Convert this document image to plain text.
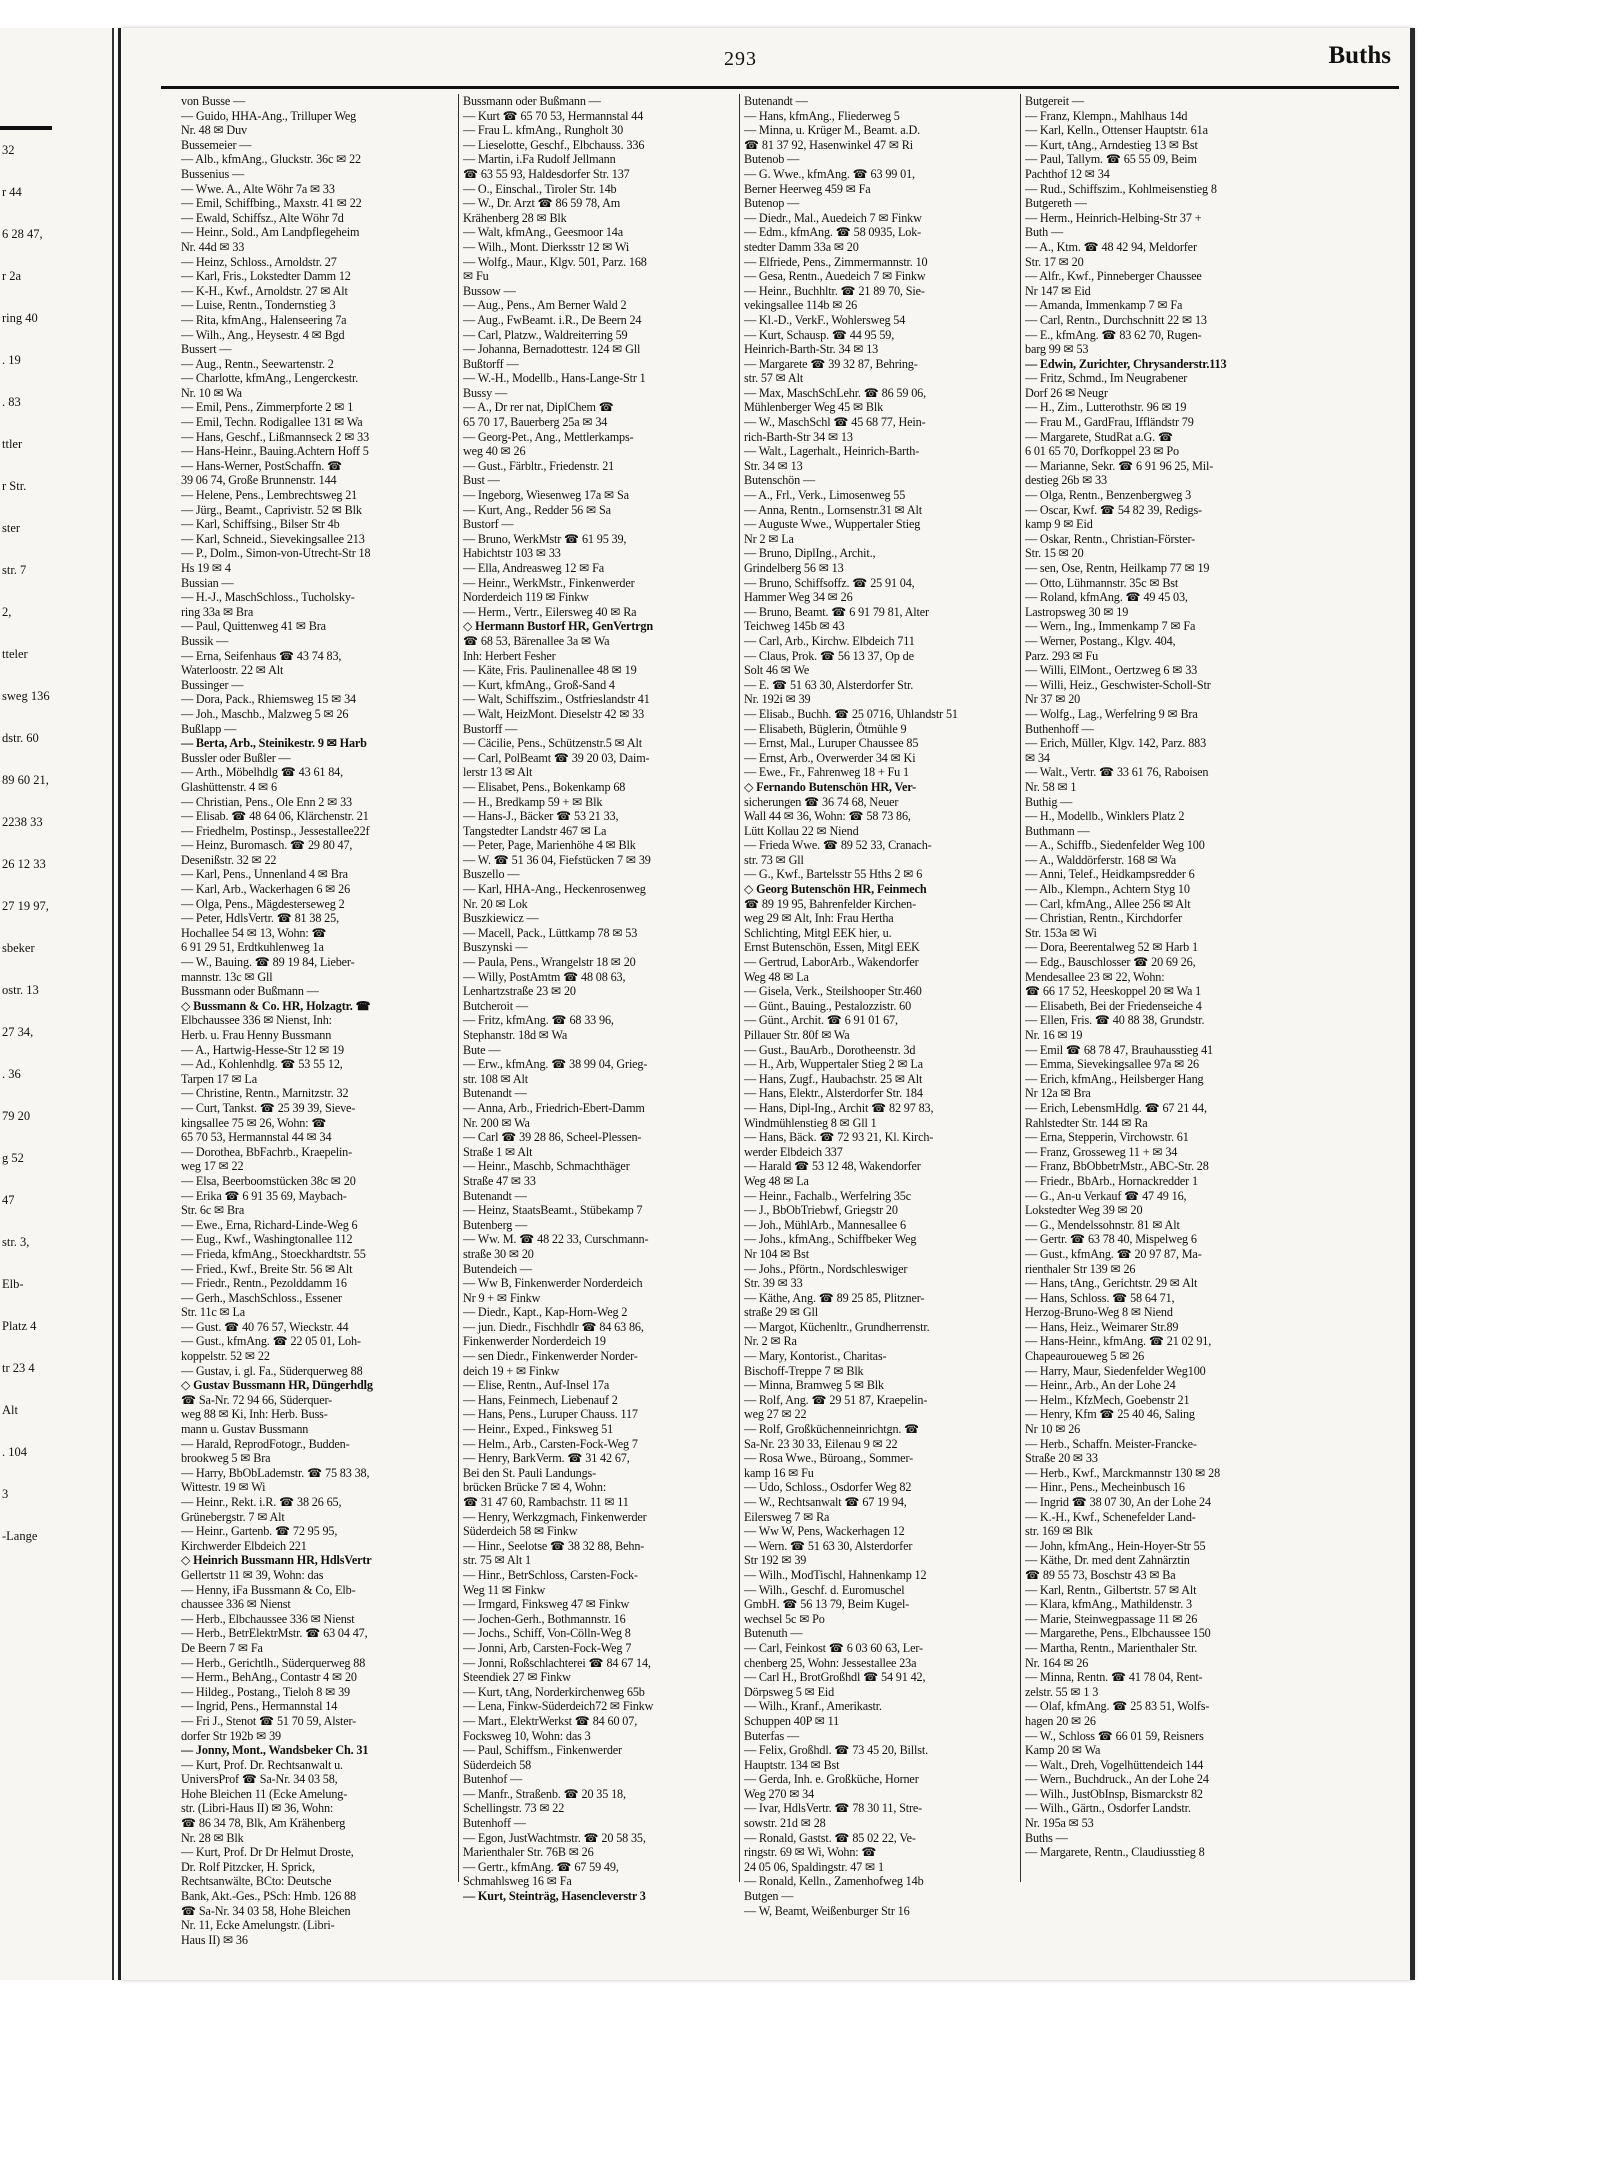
32
r 44
6 28 47,
r 2a
ring 40
. 19
. 83
ttler
r Str.
ster
str. 7
2,
tteler
sweg 136
dstr. 60
89 60 21,
2238 33
26 12 33
27 19 97,
sbeker
ostr. 13
27 34,
. 36
79 20
g 52
47
str. 3,
Elb-
Platz 4
tr 23 4
Alt
. 104
3
-Lange
293	Buths
von Busse —
— Guido, HHA-Ang., Trilluper Weg
Nr. 48 ✉ Duv
Bussemeier —
— Alb., kfmAng., Gluckstr. 36c ✉ 22
Bussenius —
— Wwe. A., Alte Wöhr 7a ✉ 33
— Emil, Schiffbing., Maxstr. 41 ✉ 22
— Ewald, Schiffsz., Alte Wöhr 7d
— Heinr., Sold., Am Landpflegeheim
Nr. 44d ✉ 33
— Heinz, Schloss., Arnoldstr. 27
— Karl, Fris., Lokstedter Damm 12
— K-H., Kwf., Arnoldstr. 27 ✉ Alt
— Luise, Rentn., Tondernstieg 3
— Rita, kfmAng., Halenseering 7a
— Wilh., Ang., Heysestr. 4 ✉ Bgd
Bussert —
— Aug., Rentn., Seewartenstr. 2
— Charlotte, kfmAng., Lengerckestr.
Nr. 10 ✉ Wa
— Emil, Pens., Zimmerpforte 2 ✉ 1
— Emil, Techn. Rodigallee 131 ✉ Wa
— Hans, Geschf., Lißmannseck 2 ✉ 33
— Hans-Heinr., Bauing.Achtern Hoff 5
— Hans-Werner, PostSchaffn. ☎
39 06 74, Große Brunnenstr. 144
— Helene, Pens., Lembrechtsweg 21
— Jürg., Beamt., Caprivistr. 52 ✉ Blk
— Karl, Schiffsing., Bilser Str 4b
— Karl, Schneid., Sievekingsallee 213
— P., Dolm., Simon-von-Utrecht-Str 18
Hs 19 ✉ 4
Bussian —
— H.-J., MaschSchloss., Tucholsky-
ring 33a ✉ Bra
— Paul, Quittenweg 41 ✉ Bra
Bussik —
— Erna, Seifenhaus ☎ 43 74 83,
Waterloostr. 22 ✉ Alt
Bussinger —
— Dora, Pack., Rhiemsweg 15 ✉ 34
— Joh., Maschb., Malzweg 5 ✉ 26
Bußlapp —
— Berta, Arb., Steinikestr. 9 ✉ Harb
Bussler oder Bußler —
— Arth., Möbelhdlg ☎ 43 61 84,
Glashüttenstr. 4 ✉ 6
— Christian, Pens., Ole Enn 2 ✉ 33
— Elisab. ☎ 48 64 06, Klärchenstr. 21
— Friedhelm, Postinsp., Jessestallee22f
— Heinz, Buromasch. ☎ 29 80 47,
Desenißstr. 32 ✉ 22
— Karl, Pens., Unnenland 4 ✉ Bra
— Karl, Arb., Wackerhagen 6 ✉ 26
— Olga, Pens., Mägdesterseweg 2
— Peter, HdlsVertr. ☎ 81 38 25,
Hochallee 54 ✉ 13, Wohn: ☎
6 91 29 51, Erdtkuhlenweg 1a
— W., Bauing. ☎ 89 19 84, Lieber-
mannstr. 13c ✉ Gll
Bussmann oder Bußmann —
◇ Bussmann & Co. HR, Holzagtr. ☎
Elbchaussee 336 ✉ Nienst, Inh:
Herb. u. Frau Henny Bussmann
— A., Hartwig-Hesse-Str 12 ✉ 19
— Ad., Kohlenhdlg. ☎ 53 55 12,
Tarpen 17 ✉ La
— Christine, Rentn., Marnitzstr. 32
— Curt, Tankst. ☎ 25 39 39, Sieve-
kingsallee 75 ✉ 26, Wohn: ☎
65 70 53, Hermannstal 44 ✉ 34
— Dorothea, BbFachrb., Kraepelin-
weg 17 ✉ 22
— Elsa, Beerboomstücken 38c ✉ 20
— Erika ☎ 6 91 35 69, Maybach-
Str. 6c ✉ Bra
— Ewe., Erna, Richard-Linde-Weg 6
— Eug., Kwf., Washingtonallee 112
— Frieda, kfmAng., Stoeckhardtstr. 55
— Fried., Kwf., Breite Str. 56 ✉ Alt
— Friedr., Rentn., Pezolddamm 16
— Gerh., MaschSchloss., Essener
Str. 11c ✉ La
— Gust. ☎ 40 76 57, Wieckstr. 44
— Gust., kfmAng. ☎ 22 05 01, Loh-
koppelstr. 52 ✉ 22
— Gustav, i. gl. Fa., Süderquerweg 88
◇ Gustav Bussmann HR, Düngerhdlg
☎ Sa-Nr. 72 94 66, Süderquer-
weg 88 ✉ Ki, Inh: Herb. Buss-
mann u. Gustav Bussmann
— Harald, ReprodFotogr., Budden-
brookweg 5 ✉ Bra
— Harry, BbObLademstr. ☎ 75 83 38,
Wittestr. 19 ✉ Wi
— Heinr., Rekt. i.R. ☎ 38 26 65,
Grünebergstr. 7 ✉ Alt
— Heinr., Gartenb. ☎ 72 95 95,
Kirchwerder Elbdeich 221
◇ Heinrich Bussmann HR, HdlsVertr
Gellertstr 11 ✉ 39, Wohn: das
— Henny, iFa Bussmann & Co, Elb-
chaussee 336 ✉ Nienst
— Herb., Elbchaussee 336 ✉ Nienst
— Herb., BetrElektrMstr. ☎ 63 04 47,
De Beern 7 ✉ Fa
— Herb., Gerichtlh., Süderquerweg 88
— Herm., BehAng., Contastr 4 ✉ 20
— Hildeg., Postang., Tieloh 8 ✉ 39
— Ingrid, Pens., Hermannstal 14
— Fri J., Stenot ☎ 51 70 59, Alster-
dorfer Str 192b ✉ 39
— Jonny, Mont., Wandsbeker Ch. 31
— Kurt, Prof. Dr. Rechtsanwalt u.
UniversProf ☎ Sa-Nr. 34 03 58,
Hohe Bleichen 11 (Ecke Amelung-
str. (Libri-Haus II) ✉ 36, Wohn:
☎ 86 34 78, Blk, Am Krähenberg
Nr. 28 ✉ Blk
— Kurt, Prof. Dr Dr Helmut Droste,
Dr. Rolf Pitzcker, H. Sprick,
Rechtsanwälte, BCto: Deutsche
Bank, Akt.-Ges., PSch: Hmb. 126 88
☎ Sa-Nr. 34 03 58, Hohe Bleichen
Nr. 11, Ecke Amelungstr. (Libri-
Haus II) ✉ 36
Bussmann oder Bußmann —
— Kurt ☎ 65 70 53, Hermannstal 44
— Frau L. kfmAng., Rungholt 30
— Lieselotte, Geschf., Elbchauss. 336
— Martin, i.Fa Rudolf Jellmann
☎ 63 55 93, Haldesdorfer Str. 137
— O., Einschal., Tiroler Str. 14b
— W., Dr. Arzt ☎ 86 59 78, Am
Krähenberg 28 ✉ Blk
— Walt, kfmAng., Geesmoor 14a
— Wilh., Mont. Dierksstr 12 ✉ Wi
— Wolfg., Maur., Klgv. 501, Parz. 168
✉ Fu
Bussow —
— Aug., Pens., Am Berner Wald 2
— Aug., FwBeamt. i.R., De Beern 24
— Carl, Platzw., Waldreiterring 59
— Johanna, Bernadottestr. 124 ✉ Gll
Bußtorff —
— W.-H., Modellb., Hans-Lange-Str 1
Bussy —
— A., Dr rer nat, DiplChem ☎
65 70 17, Bauerberg 25a ✉ 34
— Georg-Pet., Ang., Mettlerkamps-
weg 40 ✉ 26
— Gust., Färbltr., Friedenstr. 21
Bust —
— Ingeborg, Wiesenweg 17a ✉ Sa
— Kurt, Ang., Redder 56 ✉ Sa
Bustorf —
— Bruno, WerkMstr ☎ 61 95 39,
Habichtstr 103 ✉ 33
— Ella, Andreasweg 12 ✉ Fa
— Heinr., WerkMstr., Finkenwerder
Norderdeich 119 ✉ Finkw
— Herm., Vertr., Eilersweg 40 ✉ Ra
◇ Hermann Bustorf HR, GenVertrgn
☎ 68 53, Bärenallee 3a ✉ Wa
Inh: Herbert Fesher
— Käte, Fris. Paulinenallee 48 ✉ 19
— Kurt, kfmAng., Groß-Sand 4
— Walt, Schiffszim., Ostfrieslandstr 41
— Walt, HeizMont. Dieselstr 42 ✉ 33
Bustorff —
— Cäcilie, Pens., Schützenstr.5 ✉ Alt
— Carl, PolBeamt ☎ 39 20 03, Daim-
lerstr 13 ✉ Alt
— Elisabet, Pens., Bokenkamp 68
— H., Bredkamp 59 + ✉ Blk
— Hans-J., Bäcker ☎ 53 21 33,
Tangstedter Landstr 467 ✉ La
— Peter, Page, Marienhöhe 4 ✉ Blk
— W. ☎ 51 36 04, Fiefstücken 7 ✉ 39
Buszello —
— Karl, HHA-Ang., Heckenrosenweg
Nr. 20 ✉ Lok
Buszkiewicz —
— Macell, Pack., Lüttkamp 78 ✉ 53
Buszynski —
— Paula, Pens., Wrangelstr 18 ✉ 20
— Willy, PostAmtm ☎ 48 08 63,
Lenhartzstraße 23 ✉ 20
Butcheroit —
— Fritz, kfmAng. ☎ 68 33 96,
Stephanstr. 18d ✉ Wa
Bute —
— Erw., kfmAng. ☎ 38 99 04, Grieg-
str. 108 ✉ Alt
Butenandt —
— Anna, Arb., Friedrich-Ebert-Damm
Nr. 200 ✉ Wa
— Carl ☎ 39 28 86, Scheel-Plessen-
Straße 1 ✉ Alt
— Heinr., Maschb, Schmachthäger
Straße 47 ✉ 33
Butenandt —
— Heinz, StaatsBeamt., Stübekamp 7
Butenberg —
— Ww. M. ☎ 48 22 33, Curschmann-
straße 30 ✉ 20
Butendeich —
— Ww B, Finkenwerder Norderdeich
Nr 9 + ✉ Finkw
— Diedr., Kapt., Kap-Horn-Weg 2
— jun. Diedr., Fischhdlr ☎ 84 63 86,
Finkenwerder Norderdeich 19
— sen Diedr., Finkenwerder Norder-
deich 19 + ✉ Finkw
— Elise, Rentn., Auf-Insel 17a
— Hans, Feinmech, Liebenauf 2
— Hans, Pens., Luruper Chauss. 117
— Heinr., Exped., Finksweg 51
— Helm., Arb., Carsten-Fock-Weg 7
— Henry, BarkVerm. ☎ 31 42 67,
Bei den St. Pauli Landungs-
brücken Brücke 7 ✉ 4, Wohn:
☎ 31 47 60, Rambachstr. 11 ✉ 11
— Henry, Werkzgmach, Finkenwerder
Süderdeich 58 ✉ Finkw
— Hinr., Seelotse ☎ 38 32 88, Behn-
str. 75 ✉ Alt 1
— Hinr., BetrSchloss, Carsten-Fock-
Weg 11 ✉ Finkw
— Irmgard, Finksweg 47 ✉ Finkw
— Jochen-Gerh., Bothmannstr. 16
— Jochs., Schiff, Von-Cölln-Weg 8
— Jonni, Arb, Carsten-Fock-Weg 7
— Jonni, Roßschlachterei ☎ 84 67 14,
Steendiek 27 ✉ Finkw
— Kurt, tAng, Norderkirchenweg 65b
— Lena, Finkw-Süderdeich72 ✉ Finkw
— Mart., ElektrWerkst ☎ 84 60 07,
Focksweg 10, Wohn: das 3
— Paul, Schiffsm., Finkenwerder
Süderdeich 58
Butenhof —
— Manfr., Straßenb. ☎ 20 35 18,
Schellingstr. 73 ✉ 22
Butenhoff —
— Egon, JustWachtmstr. ☎ 20 58 35,
Marienthaler Str. 76B ✉ 26
— Gertr., kfmAng. ☎ 67 59 49,
Schmahlsweg 16 ✉ Fa
— Kurt, Steinträg, Hasencleverstr 3
Butenandt —
— Hans, kfmAng., Fliederweg 5
— Minna, u. Krüger M., Beamt. a.D.
☎ 81 37 92, Hasenwinkel 47 ✉ Ri
Butenob —
— G. Wwe., kfmAng. ☎ 63 99 01,
Berner Heerweg 459 ✉ Fa
Butenop —
— Diedr., Mal., Auedeich 7 ✉ Finkw
— Edm., kfmAng. ☎ 58 0935, Lok-
stedter Damm 33a ✉ 20
— Elfriede, Pens., Zimmermannstr. 10
— Gesa, Rentn., Auedeich 7 ✉ Finkw
— Heinr., Buchhltr. ☎ 21 89 70, Sie-
vekingsallee 114b ✉ 26
— Kl.-D., VerkF., Wohlersweg 54
— Kurt, Schausp. ☎ 44 95 59,
Heinrich-Barth-Str. 34 ✉ 13
— Margarete ☎ 39 32 87, Behring-
str. 57 ✉ Alt
— Max, MaschSchLehr. ☎ 86 59 06,
Mühlenberger Weg 45 ✉ Blk
— W., MaschSchl ☎ 45 68 77, Hein-
rich-Barth-Str 34 ✉ 13
— Walt., Lagerhalt., Heinrich-Barth-
Str. 34 ✉ 13
Butenschön —
— A., Frl., Verk., Limosenweg 55
— Anna, Rentn., Lornsenstr.31 ✉ Alt
— Auguste Wwe., Wuppertaler Stieg
Nr 2 ✉ La
— Bruno, DiplIng., Archit.,
Grindelberg 56 ✉ 13
— Bruno, Schiffsoffz. ☎ 25 91 04,
Hammer Weg 34 ✉ 26
— Bruno, Beamt. ☎ 6 91 79 81, Alter
Teichweg 145b ✉ 43
— Carl, Arb., Kirchw. Elbdeich 711
— Claus, Prok. ☎ 56 13 37, Op de
Solt 46 ✉ We
— E. ☎ 51 63 30, Alsterdorfer Str.
Nr. 192i ✉ 39
— Elisab., Buchh. ☎ 25 0716, Uhlandstr 51
— Elisabeth, Büglerin, Ötmühle 9
— Ernst, Mal., Luruper Chaussee 85
— Ernst, Arb., Overwerder 34 ✉ Ki
— Ewe., Fr., Fahrenweg 18 + Fu 1
◇ Fernando Butenschön HR, Ver-
sicherungen ☎ 36 74 68, Neuer
Wall 44 ✉ 36, Wohn: ☎ 58 73 86,
Lütt Kollau 22 ✉ Niend
— Frieda Wwe. ☎ 89 52 33, Cranach-
str. 73 ✉ Gll
— G., Kwf., Bartelsstr 55 Hths 2 ✉ 6
◇ Georg Butenschön HR, Feinmech
☎ 89 19 95, Bahrenfelder Kirchen-
weg 29 ✉ Alt, Inh: Frau Hertha
Schlichting, Mitgl EEK hier, u.
Ernst Butenschön, Essen, Mitgl EEK
— Gertrud, LaborArb., Wakendorfer
Weg 48 ✉ La
— Gisela, Verk., Steilshooper Str.460
— Günt., Bauing., Pestalozzistr. 60
— Günt., Archit. ☎ 6 91 01 67,
Pillauer Str. 80f ✉ Wa
— Gust., BauArb., Dorotheenstr. 3d
— H., Arb, Wuppertaler Stieg 2 ✉ La
— Hans, Zugf., Haubachstr. 25 ✉ Alt
— Hans, Elektr., Alsterdorfer Str. 184
— Hans, Dipl-Ing., Archit ☎ 82 97 83,
Windmühlenstieg 8 ✉ Gll 1
— Hans, Bäck. ☎ 72 93 21, Kl. Kirch-
werder Elbdeich 337
— Harald ☎ 53 12 48, Wakendorfer
Weg 48 ✉ La
— Heinr., Fachalb., Werfelring 35c
— J., BbObTriebwf, Griegstr 20
— Joh., MühlArb., Mannesallee 6
— Johs., kfmAng., Schiffbeker Weg
Nr 104 ✉ Bst
— Johs., Pförtn., Nordschleswiger
Str. 39 ✉ 33
— Käthe, Ang. ☎ 89 25 85, Plitzner-
straße 29 ✉ Gll
— Margot, Küchenltr., Grundherrenstr.
Nr. 2 ✉ Ra
— Mary, Kontorist., Charitas-
Bischoff-Treppe 7 ✉ Blk
— Minna, Bramweg 5 ✉ Blk
— Rolf, Ang. ☎ 29 51 87, Kraepelin-
weg 27 ✉ 22
— Rolf, Großküchenneinrichtgn. ☎
Sa-Nr. 23 30 33, Eilenau 9 ✉ 22
— Rosa Wwe., Büroang., Sommer-
kamp 16 ✉ Fu
— Udo, Schloss., Osdorfer Weg 82
— W., Rechtsanwalt ☎ 67 19 94,
Eilersweg 7 ✉ Ra
— Ww W, Pens, Wackerhagen 12
— Wern. ☎ 51 63 30, Alsterdorfer
Str 192 ✉ 39
— Wilh., ModTischl, Hahnenkamp 12
— Wilh., Geschf. d. Euromuschel
GmbH. ☎ 56 13 79, Beim Kugel-
wechsel 5c ✉ Po
Butenuth —
— Carl, Feinkost ☎ 6 03 60 63, Ler-
chenberg 25, Wohn: Jessestallee 23a
— Carl H., BrotGroßhdl ☎ 54 91 42,
Dörpsweg 5 ✉ Eid
— Wilh., Kranf., Amerikastr.
Schuppen 40P ✉ 11
Buterfas —
— Felix, Großhdl. ☎ 73 45 20, Billst.
Hauptstr. 134 ✉ Bst
— Gerda, Inh. e. Großküche, Horner
Weg 270 ✉ 34
— Ivar, HdlsVertr. ☎ 78 30 11, Stre-
sowstr. 21d ✉ 28
— Ronald, Gastst. ☎ 85 02 22, Ve-
ringstr. 69 ✉ Wi, Wohn: ☎
24 05 06, Spaldingstr. 47 ✉ 1
— Ronald, Kelln., Zamenhofweg 14b
Butgen —
— W, Beamt, Weißenburger Str 16
Butgereit —
— Franz, Klempn., Mahlhaus 14d
— Karl, Kelln., Ottenser Hauptstr. 61a
— Kurt, tAng., Arndestieg 13 ✉ Bst
— Paul, Tallym. ☎ 65 55 09, Beim
Pachthof 12 ✉ 34
— Rud., Schiffszim., Kohlmeisenstieg 8
Butgereth —
— Herm., Heinrich-Helbing-Str 37 +
Buth —
— A., Ktm. ☎ 48 42 94, Meldorfer
Str. 17 ✉ 20
— Alfr., Kwf., Pinneberger Chaussee
Nr 147 ✉ Eid
— Amanda, Immenkamp 7 ✉ Fa
— Carl, Rentn., Durchschnitt 22 ✉ 13
— E., kfmAng. ☎ 83 62 70, Rugen-
barg 99 ✉ 53
— Edwin, Zurichter, Chrysanderstr.113
— Fritz, Schmd., Im Neugrabener
Dorf 26 ✉ Neugr
— H., Zim., Lutterothstr. 96 ✉ 19
— Frau M., GardFrau, Iffländstr 79
— Margarete, StudRat a.G. ☎
6 01 65 70, Dorfkoppel 23 ✉ Po
— Marianne, Sekr. ☎ 6 91 96 25, Mil-
destieg 26b ✉ 33
— Olga, Rentn., Benzenbergweg 3
— Oscar, Kwf. ☎ 54 82 39, Redigs-
kamp 9 ✉ Eid
— Oskar, Rentn., Christian-Förster-
Str. 15 ✉ 20
— sen, Ose, Rentn, Heilkamp 77 ✉ 19
— Otto, Lühmannstr. 35c ✉ Bst
— Roland, kfmAng. ☎ 49 45 03,
Lastropsweg 30 ✉ 19
— Wern., Ing., Immenkamp 7 ✉ Fa
— Werner, Postang., Klgv. 404,
Parz. 293 ✉ Fu
— Willi, ElMont., Oertzweg 6 ✉ 33
— Willi, Heiz., Geschwister-Scholl-Str
Nr 37 ✉ 20
— Wolfg., Lag., Werfelring 9 ✉ Bra
Buthenhoff —
— Erich, Müller, Klgv. 142, Parz. 883
✉ 34
— Walt., Vertr. ☎ 33 61 76, Raboisen
Nr. 58 ✉ 1
Buthig —
— H., Modellb., Winklers Platz 2
Buthmann —
— A., Schiffb., Siedenfelder Weg 100
— A., Walddörferstr. 168 ✉ Wa
— Anni, Telef., Heidkampsredder 6
— Alb., Klempn., Achtern Styg 10
— Carl, kfmAng., Allee 256 ✉ Alt
— Christian, Rentn., Kirchdorfer
Str. 153a ✉ Wi
— Dora, Beerentalweg 52 ✉ Harb 1
— Edg., Bauschlosser ☎ 20 69 26,
Mendesallee 23 ✉ 22, Wohn:
☎ 66 17 52, Heeskoppel 20 ✉ Wa 1
— Elisabeth, Bei der Friedenseiche 4
— Ellen, Fris. ☎ 40 88 38, Grundstr.
Nr. 16 ✉ 19
— Emil ☎ 68 78 47, Brauhausstieg 41
— Emma, Sievekingsallee 97a ✉ 26
— Erich, kfmAng., Heilsberger Hang
Nr 12a ✉ Bra
— Erich, LebensmHdlg. ☎ 67 21 44,
Rahlstedter Str. 144 ✉ Ra
— Erna, Stepperin, Virchowstr. 61
— Franz, Grosseweg 11 + ✉ 34
— Franz, BbObbetrMstr., ABC-Str. 28
— Friedr., BbArb., Hornackredder 1
— G., An-u Verkauf ☎ 47 49 16,
Lokstedter Weg 39 ✉ 20
— G., Mendelssohnstr. 81 ✉ Alt
— Gertr. ☎ 63 78 40, Mispelweg 6
— Gust., kfmAng. ☎ 20 97 87, Ma-
rienthaler Str 139 ✉ 26
— Hans, tAng., Gerichtstr. 29 ✉ Alt
— Hans, Schloss. ☎ 58 64 71,
Herzog-Bruno-Weg 8 ✉ Niend
— Hans, Heiz., Weimarer Str.89
— Hans-Heinr., kfmAng. ☎ 21 02 91,
Chapeauroueweg 5 ✉ 26
— Harry, Maur, Siedenfelder Weg100
— Heinr., Arb., An der Lohe 24
— Helm., KfzMech, Goebenstr 21
— Henry, Kfm ☎ 25 40 46, Saling
Nr 10 ✉ 26
— Herb., Schaffn. Meister-Francke-
Straße 20 ✉ 33
— Herb., Kwf., Marckmannstr 130 ✉ 28
— Hinr., Pens., Mecheinbusch 16
— Ingrid ☎ 38 07 30, An der Lohe 24
— K.-H., Kwf., Schenefelder Land-
str. 169 ✉ Blk
— John, kfmAng., Hein-Hoyer-Str 55
— Käthe, Dr. med dent Zahnärztin
☎ 89 55 73, Boschstr 43 ✉ Ba
— Karl, Rentn., Gilbertstr. 57 ✉ Alt
— Klara, kfmAng., Mathildenstr. 3
— Marie, Steinwegpassage 11 ✉ 26
— Margarethe, Pens., Elbchaussee 150
— Martha, Rentn., Marienthaler Str.
Nr. 164 ✉ 26
— Minna, Rentn. ☎ 41 78 04, Rent-
zelstr. 55 ✉ 1 3
— Olaf, kfmAng. ☎ 25 83 51, Wolfs-
hagen 20 ✉ 26
— W., Schloss ☎ 66 01 59, Reisners
Kamp 20 ✉ Wa
— Walt., Dreh, Vogelhüttendeich 144
— Wern., Buchdruck., An der Lohe 24
— Wilh., JustObInsp, Bismarckstr 82
— Wilh., Gärtn., Osdorfer Landstr.
Nr. 195a ✉ 53
Buths —
— Margarete, Rentn., Claudiusstieg 8
